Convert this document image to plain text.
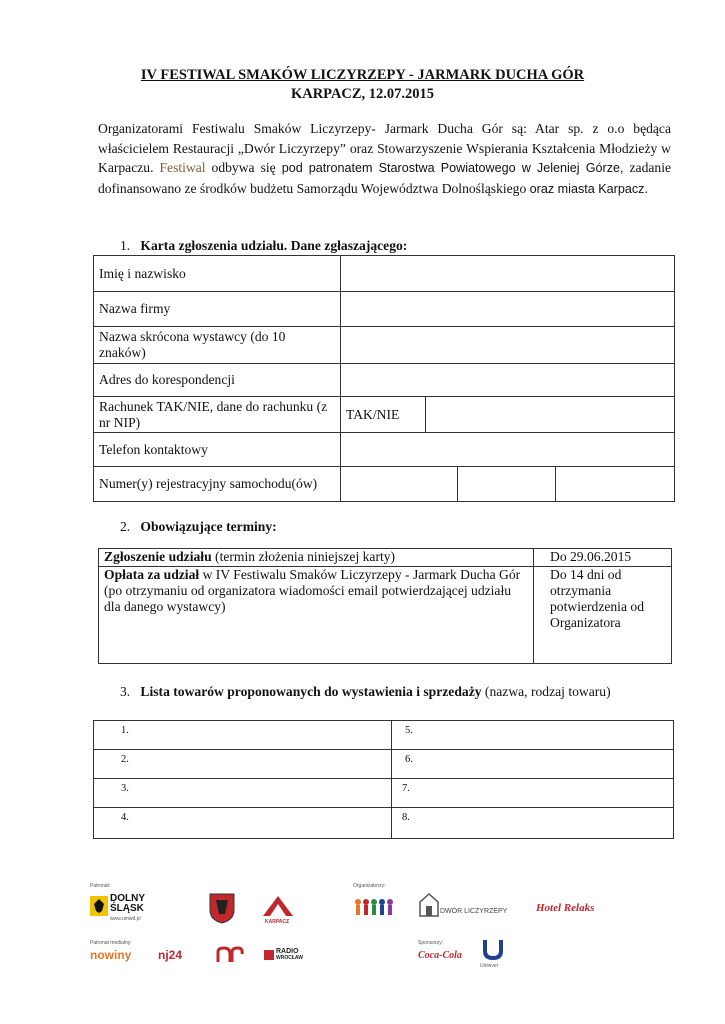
IV FESTIWAL SMAKÓW LICZYRZEPY - JARMARK DUCHA GÓR
KARPACZ, 12.07.2015
Organizatorami Festiwalu Smaków Liczyrzepy- Jarmark Ducha Gór są: Atar sp. z o.o będąca właścicielem Restauracji „Dwór Liczyrzepy” oraz Stowarzyszenie Wspierania Kształcenia Młodzieży w Karpaczu. Festiwal odbywa się pod patronatem Starostwa Powiatowego w Jeleniej Górze, zadanie dofinansowano ze środków budżetu Samorządu Województwa Dolnośląskiego oraz miasta Karpacz.
1. Karta zgłoszenia udziału. Dane zgłaszającego:
Imię i nazwisko			
Nazwa firmy			
Nazwa skrócona wystawcy (do 10 znaków)			
Adres do korespondencji			
Rachunek TAK/NIE, dane do rachunku (z nr NIP)	TAK/NIE		
Telefon kontaktowy			
Numer(y) rejestracyjny samochodu(ów)			
2. Obowiązujące terminy:
Zgłoszenie udziału (termin złożenia niniejszej karty)	Do 29.06.2015
Opłata za udział w IV Festiwalu Smaków Liczyrzepy - Jarmark Ducha Gór (po otrzymaniu od organizatora wiadomości email potwierdzającej udziału dla danego wystawcy)	Do 14 dni od otrzymania potwierdzenia od Organizatora
3. Lista towarów proponowanych do wystawienia i sprzedaży (nazwa, rodzaj towaru)
1.	5.
2.	6.
3.	7.
4.	8.
Patronat:	Organizatorzy:
Patronat medialny:	Sponsorzy:
DOLNY
ŚLĄSK
www.umwd.pl	KARPACZ
DWÓR LICZYRZEPY	Hotel Relaks
nowiny nj24	RADIO
WROCŁAW	Coca-Cola
Unilever
